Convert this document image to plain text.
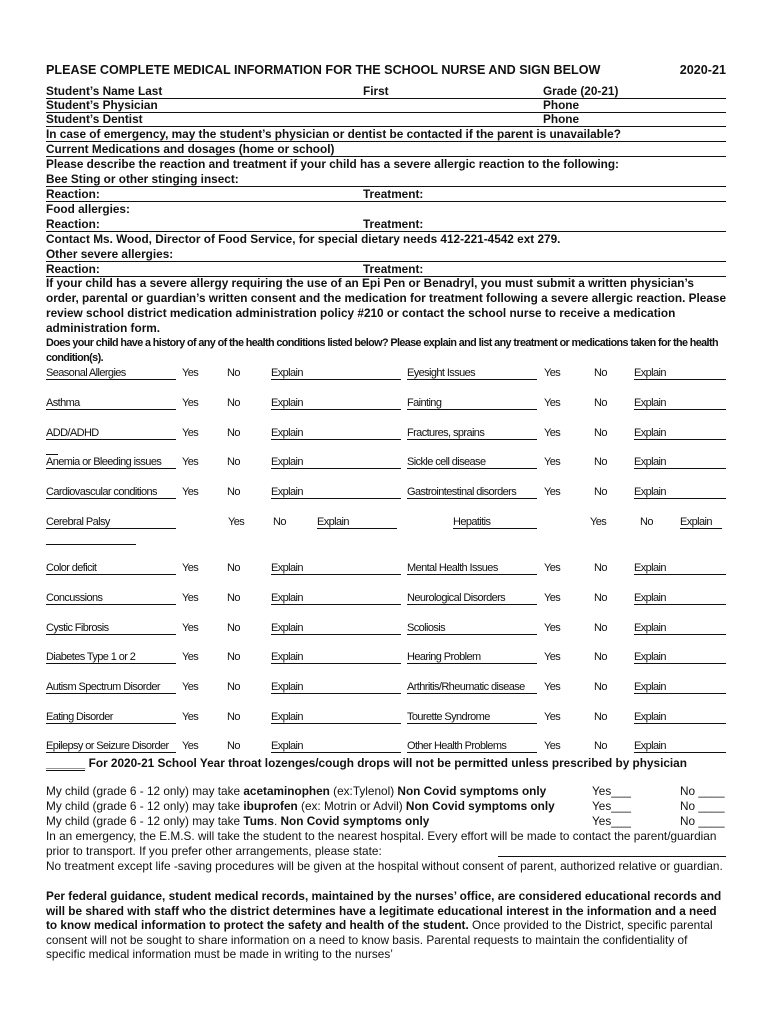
PLEASE COMPLETE MEDICAL INFORMATION FOR THE SCHOOL NURSE AND SIGN BELOW	2020-21
Student’s Name Last	First	Grade (20-21)
Student’s Physician	Phone
Student’s Dentist	Phone
In case of emergency, may the student’s physician or dentist be contacted if the parent is unavailable?
Current Medications and dosages (home or school)
Please describe the reaction and treatment if your child has a severe allergic reaction to the following:
Bee Sting or other stinging insect:
Reaction:	Treatment:
Food allergies:
Reaction:	Treatment:
Contact Ms. Wood, Director of Food Service, for special dietary needs 412-221-4542 ext 279.
Other severe allergies:
Reaction:	Treatment:
If your child has a severe allergy requiring the use of an Epi Pen or Benadryl, you must submit a written physician’s order, parental or guardian’s written consent and the medication for treatment following a severe allergic reaction. Please review school district medication administration policy #210 or contact the school nurse to receive a medication administration form.
Does your child have a history of any of the health conditions listed below? Please explain and list any treatment or medications taken for the health condition(s).
Seasonal Allergies	Yes	No	Explain	Eyesight Issues	Yes	No Explain
Asthma	Yes	No	Explain	Fainting	Yes	No Explain
ADD/ADHD	Yes	No	Explain	Fractures, sprains	Yes	No Explain
Anemia or Bleeding issues	Yes	No	Explain	Sickle cell disease	Yes	No Explain
Cardiovascular conditions	Yes	No	Explain	Gastrointestinal disorders	Yes	No Explain
Cerebral Palsy	Yes	No	Explain	Hepatitis	Yes	No Explain
Color deficit	Yes	No	Explain	Mental Health Issues	Yes	No Explain
Concussions	Yes	No	Explain	Neurological Disorders	Yes	No Explain
Cystic Fibrosis	Yes	No	Explain	Scoliosis	Yes	No Explain
Diabetes Type 1 or 2	Yes	No	Explain	Hearing Problem	Yes	No Explain
Autism Spectrum Disorder	Yes	No	Explain	Arthritis/Rheumatic disease	Yes	No Explain
Eating Disorder	Yes	No	Explain	Tourette Syndrome	Yes	No Explain
Epilepsy or Seizure Disorder	Yes	No	Explain	Other Health Problems	Yes	No Explain
______ For 2020-21 School Year throat lozenges/cough drops will not be permitted unless prescribed by physician
My child (grade 6 - 12 only) may take acetaminophen (ex:Tylenol) Non Covid symptoms only	Yes___	No ____
My child (grade 6 - 12 only) may take ibuprofen (ex: Motrin or Advil) Non Covid symptoms only	Yes___	No ____
My child (grade 6 - 12 only) may take Tums. Non Covid symptoms only	Yes___	No ____
In an emergency, the E.M.S. will take the student to the nearest hospital. Every effort will be made to contact the parent/guardian prior to transport. If you prefer other arrangements, please state:
No treatment except life -saving procedures will be given at the hospital without consent of parent, authorized relative or guardian.
Per federal guidance, student medical records, maintained by the nurses’ office, are considered educational records and will be shared with staff who the district determines have a legitimate educational interest in the information and a need to know medical information to protect the safety and health of the student. Once provided to the District, specific parental consent will not be sought to share information on a need to know basis. Parental requests to maintain the confidentiality of specific medical information must be made in writing to the nurses’
